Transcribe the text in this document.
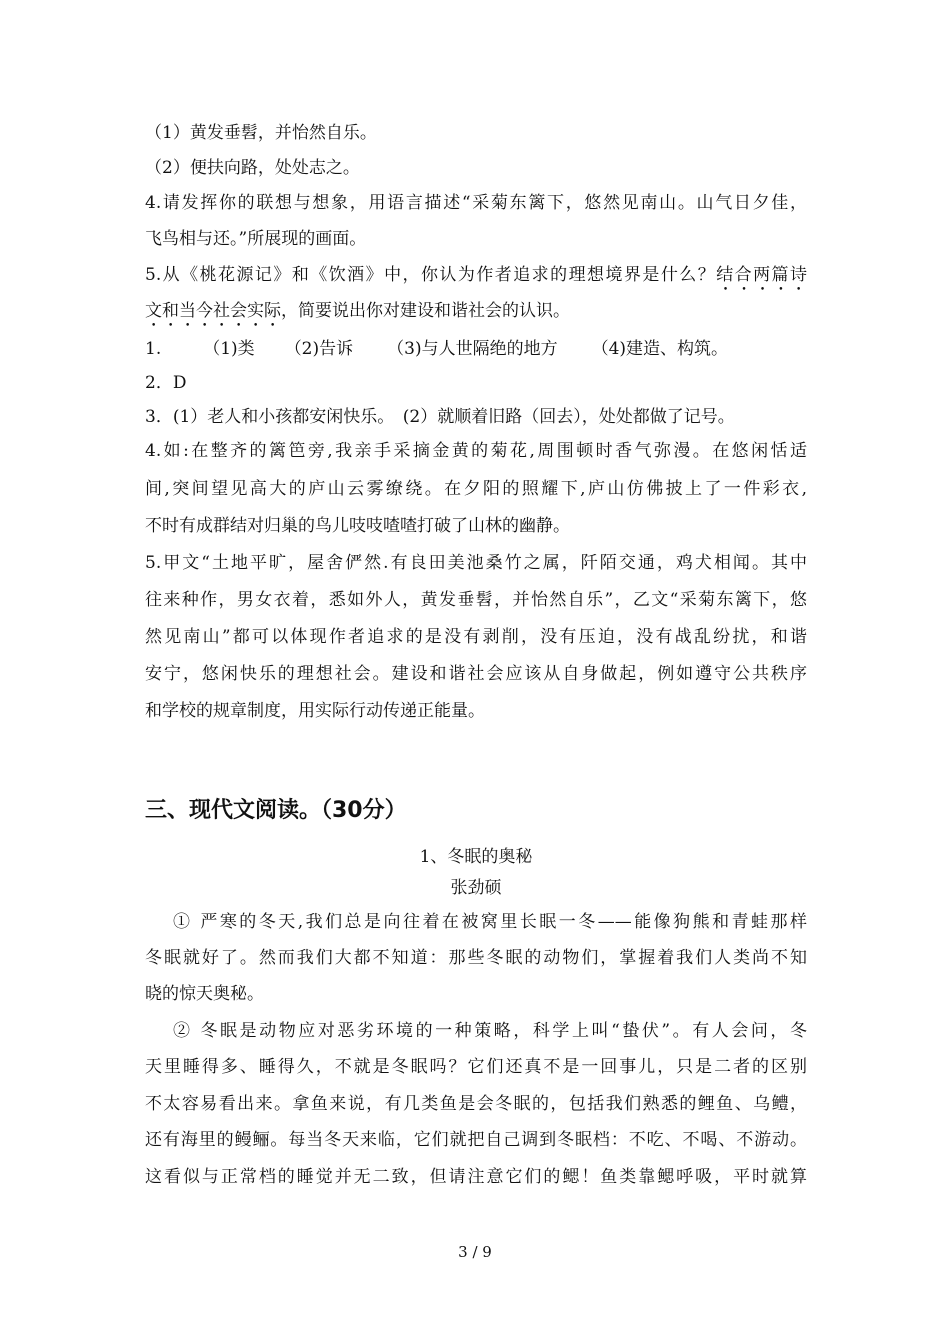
（1）黄发垂髫，并怡然自乐。
（2）便扶向路，处处志之。
4.请发挥你的联想与想象，用语言描述“采菊东篱下，悠然见南山。山气日夕佳，
飞鸟相与还。”所展现的画面。
5.从《桃花源记》和《饮酒》中，你认为作者追求的理想境界是什么？结合两篇诗
文和当今社会实际，简要说出你对建设和谐社会的认识。
1. （1)类 （2)告诉 （3)与人世隔绝的地方 （4)建造、构筑。
2．D
3．(1）老人和小孩都安闲快乐。　(2）就顺着旧路（回去），处处都做了记号。
4.如:在整齐的篱笆旁,我亲手采摘金黄的菊花,周围顿时香气弥漫。在悠闲恬适
间,突间望见高大的庐山云雾缭绕。在夕阳的照耀下,庐山仿佛披上了一件彩衣,
不时有成群结对归巢的鸟儿吱吱喳喳打破了山林的幽静。
5.甲文“土地平旷，屋舍俨然.有良田美池桑竹之属，阡陌交通，鸡犬相闻。其中
往来种作，男女衣着，悉如外人，黄发垂髫，并怡然自乐”，乙文“采菊东篱下，悠
然见南山”都可以体现作者追求的是没有剥削，没有压迫，没有战乱纷扰，和谐
安宁，悠闲快乐的理想社会。建设和谐社会应该从自身做起，例如遵守公共秩序
和学校的规章制度，用实际行动传递正能量。
三、现代文阅读。（30分）
1、冬眠的奥秘
张劲硕
① 严寒的冬天,我们总是向往着在被窝里长眠一冬——能像狗熊和青蛙那样
冬眠就好了。然而我们大都不知道：那些冬眠的动物们，掌握着我们人类尚不知
晓的惊天奥秘。
② 冬眠是动物应对恶劣环境的一种策略，科学上叫“蛰伏”。有人会问，冬
天里睡得多、睡得久，不就是冬眠吗？它们还真不是一回事儿，只是二者的区别
不太容易看出来。拿鱼来说，有几类鱼是会冬眠的，包括我们熟悉的鲤鱼、乌鳢，
还有海里的鳗鲡。每当冬天来临，它们就把自己调到冬眠档：不吃、不喝、不游动。
这看似与正常档的睡觉并无二致，但请注意它们的鳃！鱼类靠鳃呼吸，平时就算
3 / 9
